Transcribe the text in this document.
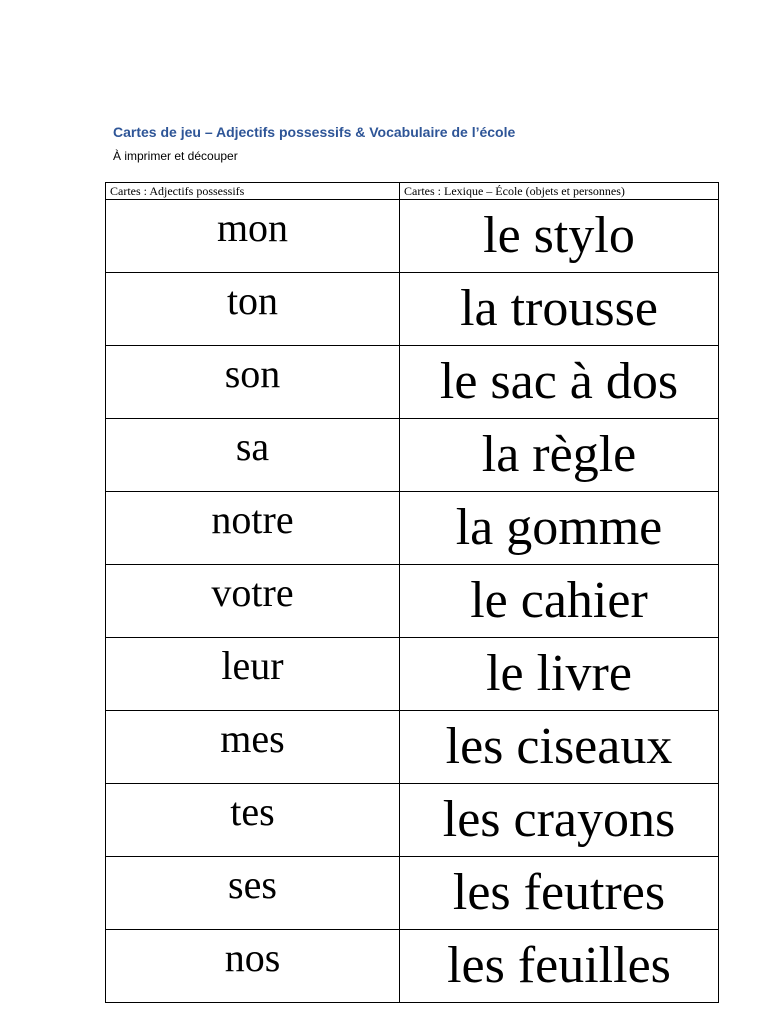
Cartes de jeu – Adjectifs possessifs & Vocabulaire de l’école
À imprimer et découper
Cartes : Adjectifs possessifs	Cartes : Lexique – École (objets et personnes)
mon	le stylo
ton	la trousse
son	le sac à dos
sa	la règle
notre	la gomme
votre	le cahier
leur	le livre
mes	les ciseaux
tes	les crayons
ses	les feutres
nos	les feuilles
